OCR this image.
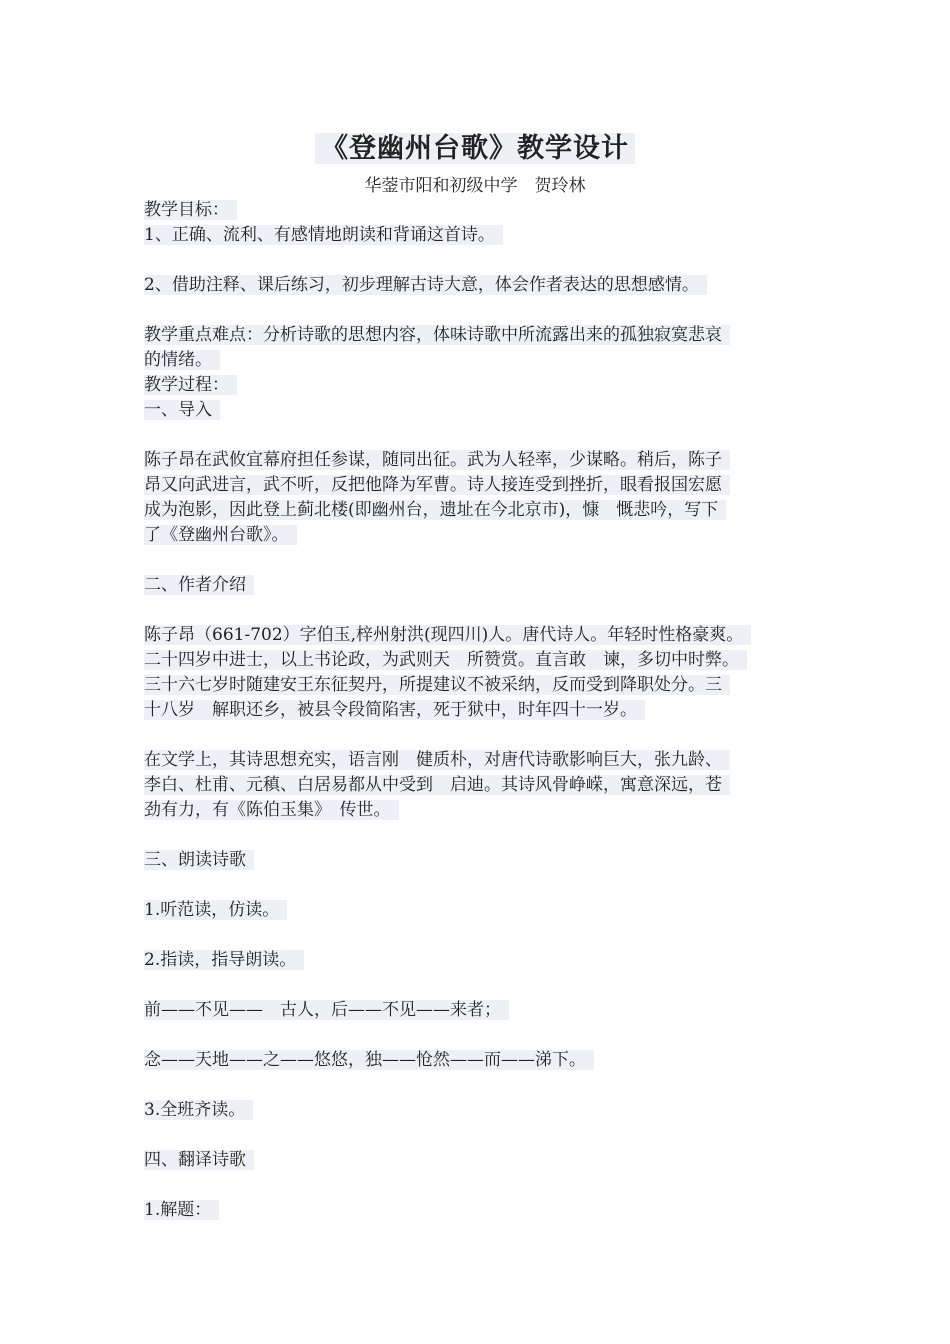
《登幽州台歌》教学设计
华蓥市阳和初级中学　贺玲林
教学目标：
1、正确、流利、有感情地朗读和背诵这首诗。
2、借助注释、课后练习，初步理解古诗大意，体会作者表达的思想感情。
教学重点难点：分析诗歌的思想内容，体味诗歌中所流露出来的孤独寂寞悲哀
的情绪。
教学过程：
一、导入
陈子昂在武攸宜幕府担任参谋，随同出征。武为人轻率，少谋略。稍后，陈子
昂又向武进言，武不听，反把他降为军曹。诗人接连受到挫折，眼看报国宏愿
成为泡影，因此登上蓟北楼(即幽州台，遗址在今北京市)，慷　慨悲吟，写下
了《登幽州台歌》。
二、作者介绍
陈子昂（661-702）字伯玉,梓州射洪(现四川)人。唐代诗人。年轻时性格豪爽。
二十四岁中进士，以上书论政，为武则天　所赞赏。直言敢　谏，多切中时弊。
三十六七岁时随建安王东征契丹，所提建议不被采纳，反而受到降职处分。三
十八岁　解职还乡，被县令段简陷害，死于狱中，时年四十一岁。
在文学上，其诗思想充实，语言刚　健质朴，对唐代诗歌影响巨大，张九龄、
李白、杜甫、元稹、白居易都从中受到　启迪。其诗风骨峥嵘，寓意深远，苍
劲有力，有《陈伯玉集》　传世。
三、朗读诗歌
1.听范读，仿读。
2.指读，指导朗读。
前——不见——　古人，后——不见——来者；
念——天地——之——悠悠，独——怆然——而——涕下。
3.全班齐读。
四、翻译诗歌
1.解题：
